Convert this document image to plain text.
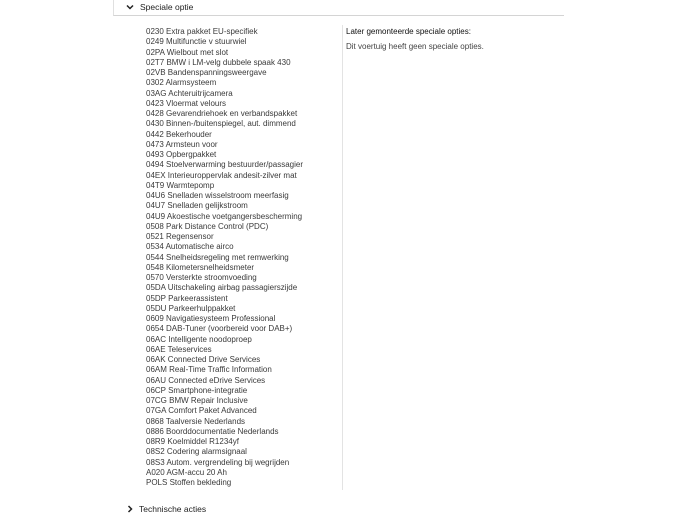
Speciale optie
0230 Extra pakket EU-specifiek
0249 Multifunctie v stuurwiel
02PA Wielbout met slot
02T7 BMW i LM-velg dubbele spaak 430
02VB Bandenspanningsweergave
0302 Alarmsysteem
03AG Achteruitrijcamera
0423 Vloermat velours
0428 Gevarendriehoek en verbandspakket
0430 Binnen-/buitenspiegel, aut. dimmend
0442 Bekerhouder
0473 Armsteun voor
0493 Opbergpakket
0494 Stoelverwarming bestuurder/passagier
04EX Interieuroppervlak andesit-zilver mat
04T9 Warmtepomp
04U6 Snelladen wisselstroom meerfasig
04U7 Snelladen gelijkstroom
04U9 Akoestische voetgangersbescherming
0508 Park Distance Control (PDC)
0521 Regensensor
0534 Automatische airco
0544 Snelheidsregeling met remwerking
0548 Kilometersnelheidsmeter
0570 Versterkte stroomvoeding
05DA Uitschakeling airbag passagierszijde
05DP Parkeerassistent
05DU Parkeerhulppakket
0609 Navigatiesysteem Professional
0654 DAB-Tuner (voorbereid voor DAB+)
06AC Intelligente noodoproep
06AE Teleservices
06AK Connected Drive Services
06AM Real-Time Traffic Information
06AU Connected eDrive Services
06CP Smartphone-integratie
07CG BMW Repair Inclusive
07GA Comfort Paket Advanced
0868 Taalversie Nederlands
0886 Boorddocumentatie Nederlands
08R9 Koelmiddel R1234yf
08S2 Codering alarmsignaal
08S3 Autom. vergrendeling bij wegrijden
A020 AGM-accu 20 Ah
POLS Stoffen bekleding
Later gemonteerde speciale opties:
Dit voertuig heeft geen speciale opties.
Technische acties
